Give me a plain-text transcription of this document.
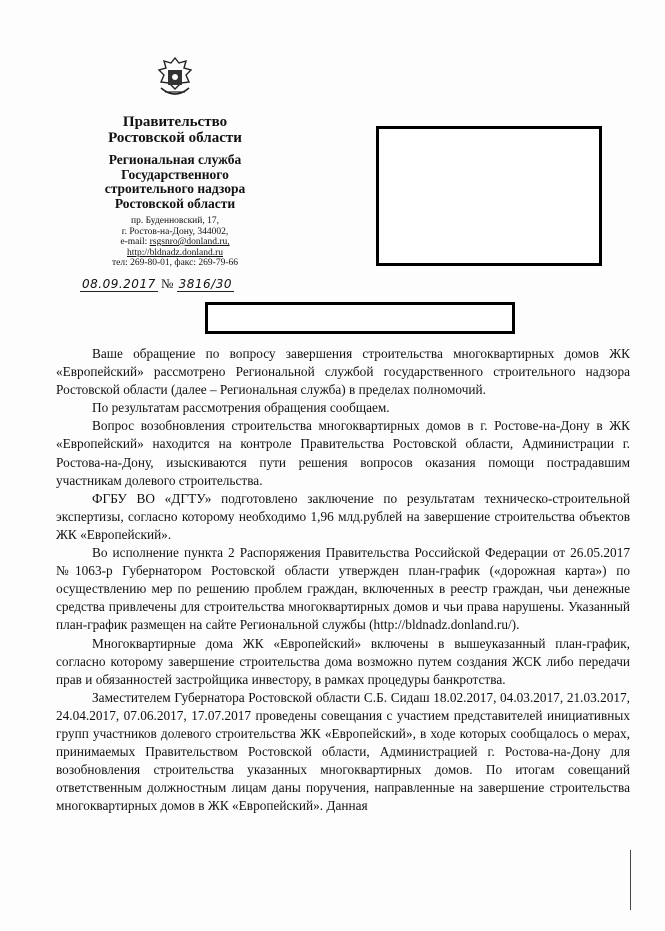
Правительство
Ростовской области
Региональная служба
Государственного
строительного надзора
Ростовской области
пр. Буденновский, 17,
г. Ростов-на-Дону, 344002,
e-mail: rsgsnro@donland.ru,
http://bldnadz.donland.ru
тел: 269-80-01, факс: 269-79-66
08.09.2017 № 3816/30

Ваше обращение по вопросу завершения строительства многоквартирных домов ЖК «Европейский» рассмотрено Региональной службой государственного строительного надзора Ростовской области (далее – Региональная служба) в пределах полномочий.

По результатам рассмотрения обращения сообщаем.

Вопрос возобновления строительства многоквартирных домов в г. Ростове-на-Дону в ЖК «Европейский» находится на контроле Правительства Ростовской области, Администрации г. Ростова-на-Дону, изыскиваются пути решения вопросов оказания помощи пострадавшим участникам долевого строительства.

ФГБУ ВО «ДГТУ» подготовлено заключение по результатам техническо-строительной экспертизы, согласно которому необходимо 1,96 млд.рублей на завершение строительства объектов ЖК «Европейский».

Во исполнение пункта 2 Распоряжения Правительства Российской Федерации от 26.05.2017 №1063-р Губернатором Ростовской области утвержден план-график («дорожная карта») по осуществлению мер по решению проблем граждан, включенных в реестр граждан, чьи денежные средства привлечены для строительства многоквартирных домов и чьи права нарушены. Указанный план-график размещен на сайте Региональной службы (http://bldnadz.donland.ru/).

Многоквартирные дома ЖК «Европейский» включены в вышеуказанный план-график, согласно которому завершение строительства дома возможно путем создания ЖСК либо передачи прав и обязанностей застройщика инвестору, в рамках процедуры банкротства.

Заместителем Губернатора Ростовской области С.Б. Сидаш 18.02.2017, 04.03.2017, 21.03.2017, 24.04.2017, 07.06.2017, 17.07.2017 проведены совещания с участием представителей инициативных групп участников долевого строительства ЖК «Европейский», в ходе которых сообщалось о мерах, принимаемых Правительством Ростовской области, Администрацией г. Ростова-на-Дону для возобновления строительства указанных многоквартирных домов. По итогам совещаний ответственным должностным лицам даны поручения, направленные на завершение строительства многоквартирных домов в ЖК «Европейский». Данная
